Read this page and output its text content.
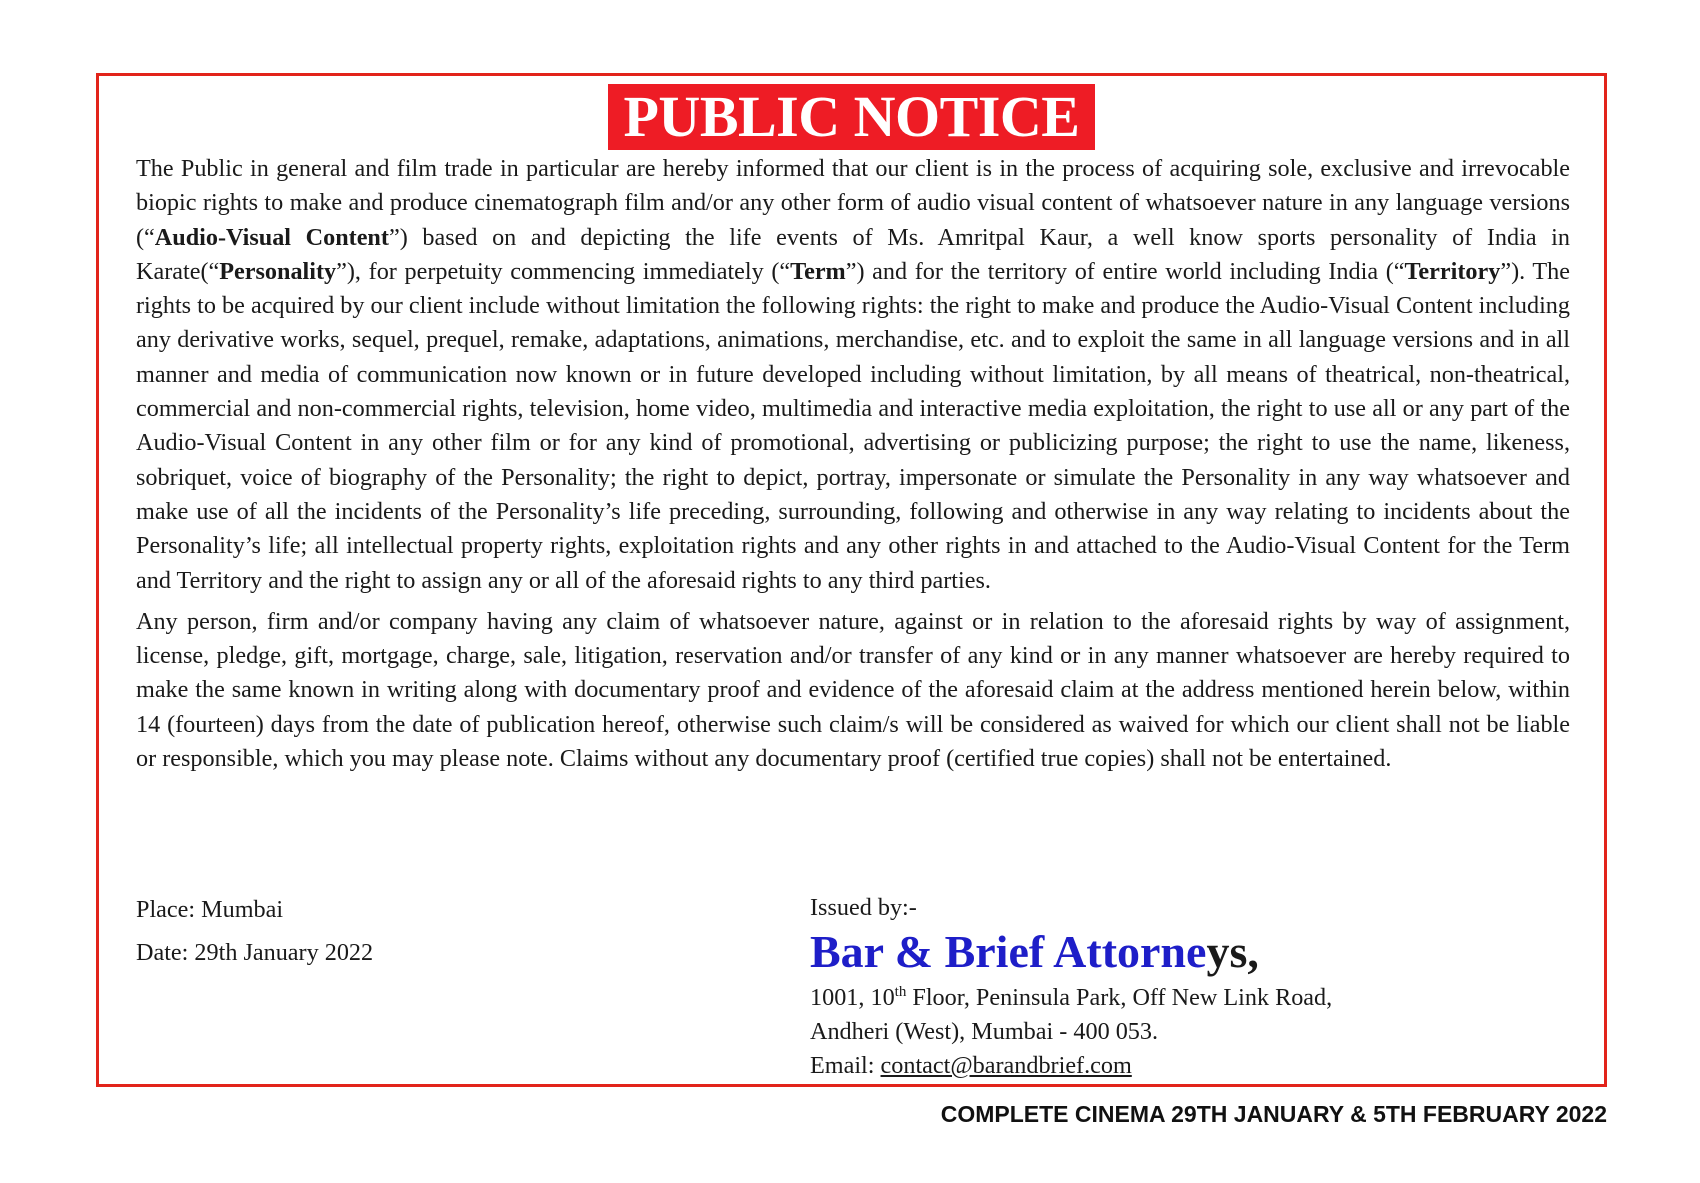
PUBLIC NOTICE

The Public in general and film trade in particular are hereby informed that our client is in the process of acquiring sole, exclusive and irrevocable biopic rights to make and produce cinematograph film and/or any other form of audio visual content of whatsoever nature in any language versions (“Audio-Visual Content”) based on and depicting the life events of Ms. Amritpal Kaur, a well know sports personality of India in Karate(“Personality”), for perpetuity commencing immediately (“Term”) and for the territory of entire world including India (“Territory”). The rights to be acquired by our client include without limitation the following rights: the right to make and produce the Audio-Visual Content including any derivative works, sequel, prequel, remake, adaptations, animations, merchandise, etc. and to exploit the same in all language versions and in all manner and media of communication now known or in future developed including without limitation, by all means of theatrical, non-theatrical, commercial and non-commercial rights, television, home video, multimedia and interactive media exploitation, the right to use all or any part of the Audio-Visual Content in any other film or for any kind of promotional, advertising or publicizing purpose; the right to use the name, likeness, sobriquet, voice of biography of the Personality; the right to depict, portray, impersonate or simulate the Personality in any way whatsoever and make use of all the incidents of the Personality’s life preceding, surrounding, following and otherwise in any way relating to incidents about the Personality’s life; all intellectual property rights, exploitation rights and any other rights in and attached to the Audio-Visual Content for the Term and Territory and the right to assign any or all of the aforesaid rights to any third parties.

Any person, firm and/or company having any claim of whatsoever nature, against or in relation to the aforesaid rights by way of assignment, license, pledge, gift, mortgage, charge, sale, litigation, reservation and/or transfer of any kind or in any manner whatsoever are hereby required to make the same known in writing along with documentary proof and evidence of the aforesaid claim at the address mentioned herein below, within 14 (fourteen) days from the date of publication hereof, otherwise such claim/s will be considered as waived for which our client shall not be liable or responsible, which you may please note. Claims without any documentary proof (certified true copies) shall not be entertained.

Place: Mumbai
Date: 29th January 2022
Issued by:-
Bar & Brief Attorneys,
1001, 10th Floor, Peninsula Park, Off New Link Road,
Andheri (West), Mumbai - 400 053.
Email: contact@barandbrief.com
COMPLETE CINEMA 29TH JANUARY & 5TH FEBRUARY 2022
